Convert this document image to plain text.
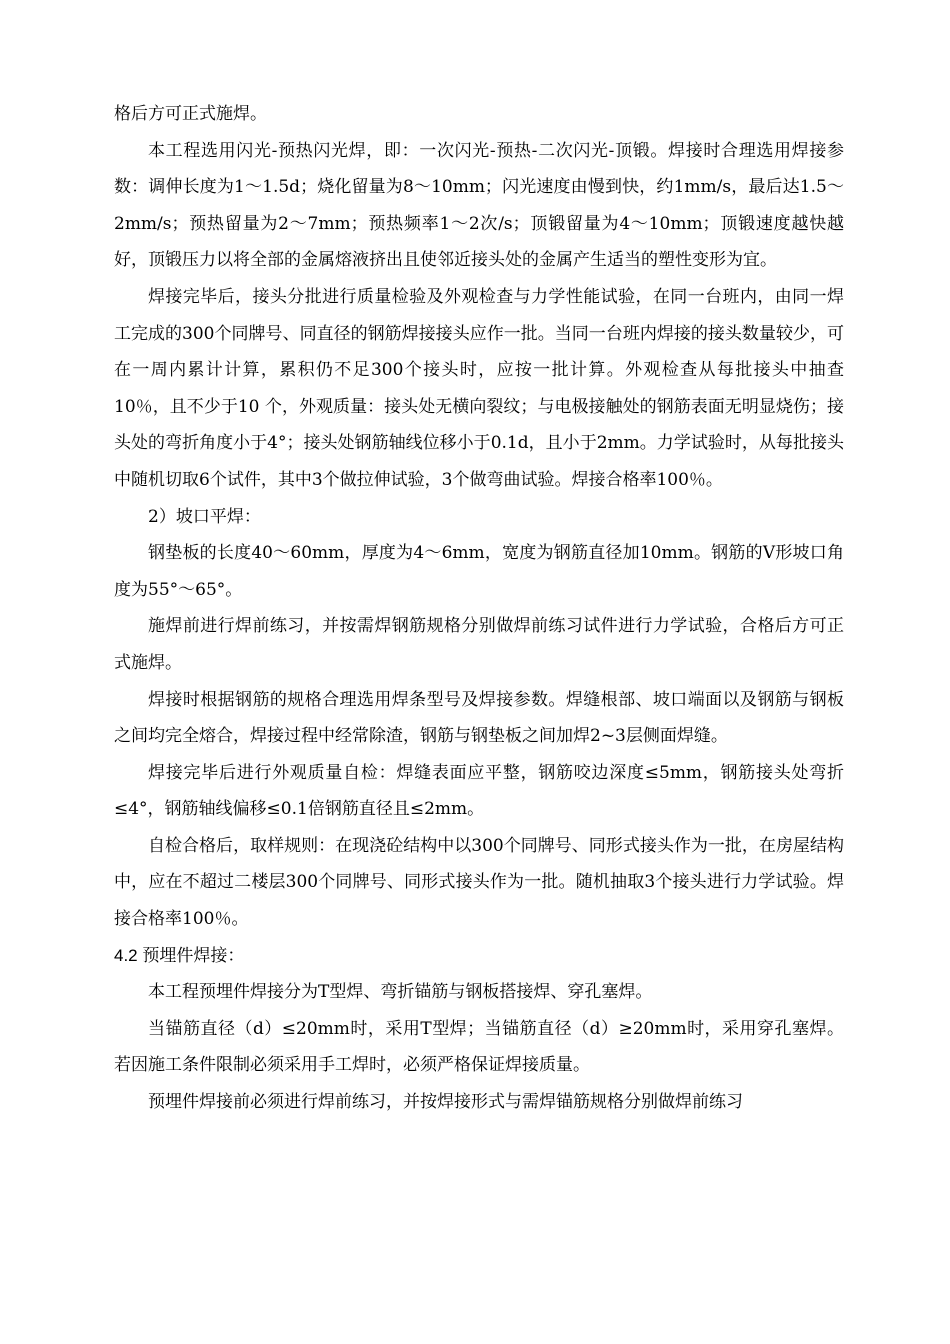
格后方可正式施焊。

本工程选用闪光-预热闪光焊，即：一次闪光-预热-二次闪光-顶锻。焊接时合理选用焊接参数：调伸长度为1～1.5d；烧化留量为8～10mm；闪光速度由慢到快，约1mm/s，最后达1.5～2mm/s；预热留量为2～7mm；预热频率1～2次/s；顶锻留量为4～10mm；顶锻速度越快越好，顶锻压力以将全部的金属熔液挤出且使邻近接头处的金属产生适当的塑性变形为宜。

焊接完毕后，接头分批进行质量检验及外观检查与力学性能试验，在同一台班内，由同一焊工完成的300个同牌号、同直径的钢筋焊接接头应作一批。当同一台班内焊接的接头数量较少，可在一周内累计计算，累积仍不足300个接头时，应按一批计算。外观检查从每批接头中抽查10％，且不少于10 个，外观质量：接头处无横向裂纹；与电极接触处的钢筋表面无明显烧伤；接头处的弯折角度小于4°；接头处钢筋轴线位移小于0.1d，且小于2mm。力学试验时，从每批接头中随机切取6个试件，其中3个做拉伸试验，3个做弯曲试验。焊接合格率100％。

2）坡口平焊：

钢垫板的长度40～60mm，厚度为4～6mm，宽度为钢筋直径加10mm。钢筋的V形坡口角度为55°～65°。

施焊前进行焊前练习，并按需焊钢筋规格分别做焊前练习试件进行力学试验，合格后方可正式施焊。

焊接时根据钢筋的规格合理选用焊条型号及焊接参数。焊缝根部、坡口端面以及钢筋与钢板之间均完全熔合，焊接过程中经常除渣，钢筋与钢垫板之间加焊2~3层侧面焊缝。

焊接完毕后进行外观质量自检：焊缝表面应平整，钢筋咬边深度≤5mm，钢筋接头处弯折≤4°，钢筋轴线偏移≤0.1倍钢筋直径且≤2mm。

自检合格后，取样规则：在现浇砼结构中以300个同牌号、同形式接头作为一批，在房屋结构中，应在不超过二楼层300个同牌号、同形式接头作为一批。随机抽取3个接头进行力学试验。焊接合格率100％。

4.2 预埋件焊接：

本工程预埋件焊接分为T型焊、弯折锚筋与钢板搭接焊、穿孔塞焊。

当锚筋直径（d）≤20mm时，采用T型焊；当锚筋直径（d）≥20mm时，采用穿孔塞焊。若因施工条件限制必须采用手工焊时，必须严格保证焊接质量。

预埋件焊接前必须进行焊前练习，并按焊接形式与需焊锚筋规格分别做焊前练习
